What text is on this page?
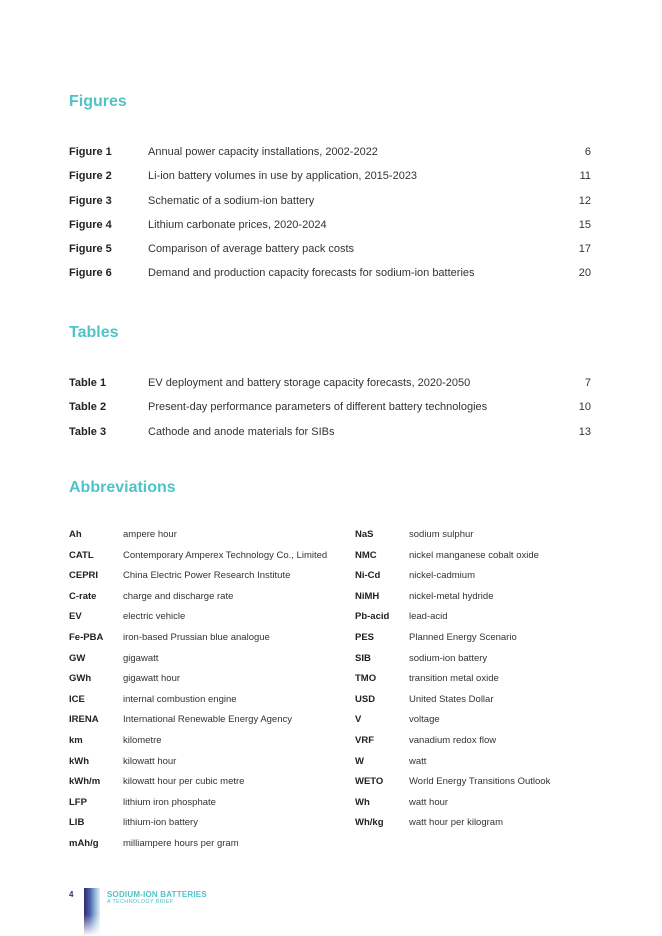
Figures
Figure 1	Annual power capacity installations, 2002-2022	6
Figure 2	Li-ion battery volumes in use by application, 2015-2023	11
Figure 3	Schematic of a sodium-ion battery	12
Figure 4	Lithium carbonate prices, 2020-2024	15
Figure 5	Comparison of average battery pack costs	17
Figure 6	Demand and production capacity forecasts for sodium-ion batteries	20
Tables
Table 1	EV deployment and battery storage capacity forecasts, 2020-2050	7
Table 2	Present-day performance parameters of different battery technologies	10
Table 3	Cathode and anode materials for SIBs	13
Abbreviations
Ah	ampere hour
CATL	Contemporary Amperex Technology Co., Limited
CEPRI	China Electric Power Research Institute
C-rate	charge and discharge rate
EV	electric vehicle
Fe-PBA iron-based Prussian blue analogue
GW	gigawatt
GWh	gigawatt hour
ICE	internal combustion engine
IRENA	International Renewable Energy Agency
km	kilometre
kWh	kilowatt hour
kWh/m kilowatt hour per cubic metre
LFP	lithium iron phosphate
LIB	lithium-ion battery
mAh/g	milliampere hours per gram
NaS	sodium sulphur
NMC	nickel manganese cobalt oxide
Ni-Cd	nickel-cadmium
NiMH	nickel-metal hydride
Pb-acid lead-acid
PES	Planned Energy Scenario
SIB	sodium-ion battery
TMO	transition metal oxide
USD	United States Dollar
V	voltage
VRF	vanadium redox flow
W	watt
WETO	World Energy Transitions Outlook
Wh	watt hour
Wh/kg	watt hour per kilogram
4	SODIUM-ION BATTERIES
A TECHNOLOGY BRIEF
